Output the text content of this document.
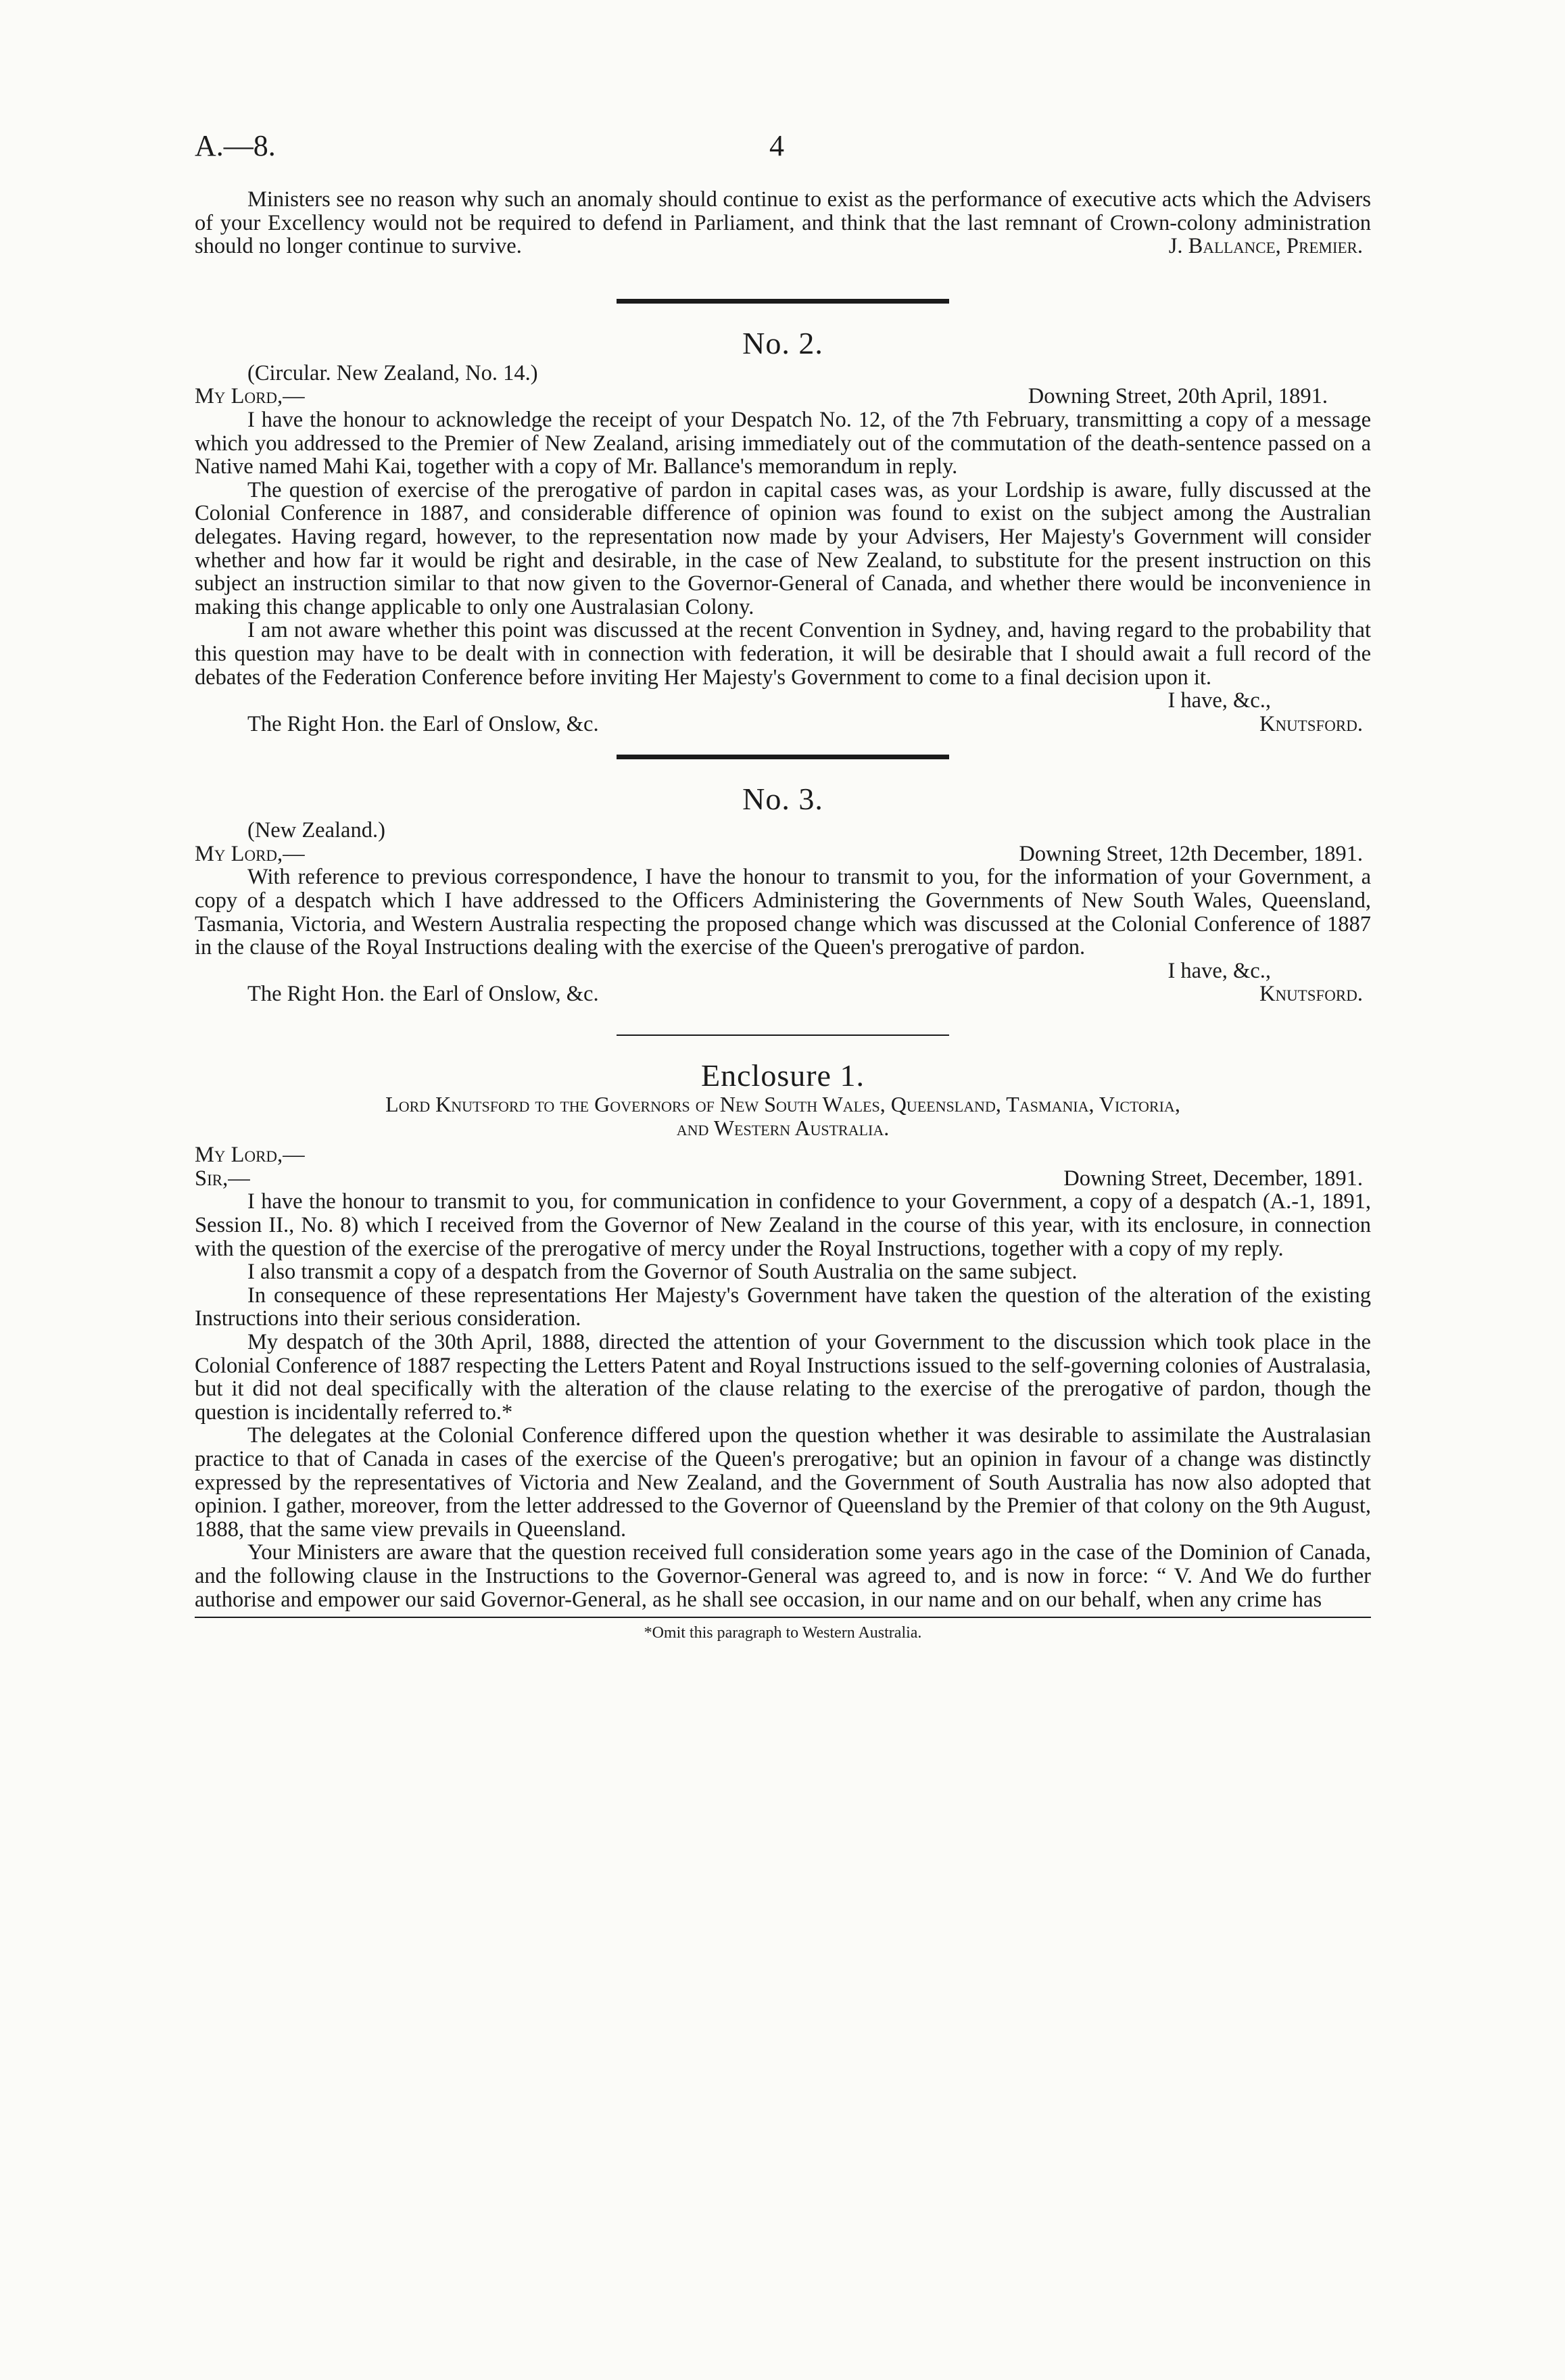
A.—8.	4

Ministers see no reason why such an anomaly should continue to exist as the performance of executive acts which the Advisers of your Excellency would not be required to defend in Parliament, and think that the last remnant of Crown-colony administration should no longer continue to survive.	J. Ballance, Premier.
No. 2.
(Circular. New Zealand, No. 14.)
My Lord,—	Downing Street, 20th April, 1891.

I have the honour to acknowledge the receipt of your Despatch No. 12, of the 7th February, transmitting a copy of a message which you addressed to the Premier of New Zealand, arising immediately out of the commutation of the death-sentence passed on a Native named Mahi Kai, together with a copy of Mr. Ballance's memorandum in reply.

The question of exercise of the prerogative of pardon in capital cases was, as your Lordship is aware, fully discussed at the Colonial Conference in 1887, and considerable difference of opinion was found to exist on the subject among the Australian delegates. Having regard, however, to the representation now made by your Advisers, Her Majesty's Government will consider whether and how far it would be right and desirable, in the case of New Zealand, to substitute for the present instruction on this subject an instruction similar to that now given to the Governor-General of Canada, and whether there would be inconvenience in making this change applicable to only one Australasian Colony.

I am not aware whether this point was discussed at the recent Convention in Sydney, and, having regard to the probability that this question may have to be dealt with in connection with federation, it will be desirable that I should await a full record of the debates of the Federation Conference before inviting Her Majesty's Government to come to a final decision upon it.

I have, &c.,
The Right Hon. the Earl of Onslow, &c.	Knutsford.
No. 3.
(New Zealand.)
My Lord,—	Downing Street, 12th December, 1891.

With reference to previous correspondence, I have the honour to transmit to you, for the information of your Government, a copy of a despatch which I have addressed to the Officers Administering the Governments of New South Wales, Queensland, Tasmania, Victoria, and Western Australia respecting the proposed change which was discussed at the Colonial Conference of 1887 in the clause of the Royal Instructions dealing with the exercise of the Queen's prerogative of pardon.

I have, &c.,
The Right Hon. the Earl of Onslow, &c.	Knutsford.
Enclosure 1.
Lord Knutsford to the Governors of New South Wales, Queensland, Tasmania, Victoria,
and Western Australia.
My Lord,—
Sir,—	Downing Street, December, 1891.

I have the honour to transmit to you, for communication in confidence to your Government, a copy of a despatch (A.-1, 1891, Session II., No. 8) which I received from the Governor of New Zealand in the course of this year, with its enclosure, in connection with the question of the exercise of the prerogative of mercy under the Royal Instructions, together with a copy of my reply.

I also transmit a copy of a despatch from the Governor of South Australia on the same subject.

In consequence of these representations Her Majesty's Government have taken the question of the alteration of the existing Instructions into their serious consideration.

My despatch of the 30th April, 1888, directed the attention of your Government to the discussion which took place in the Colonial Conference of 1887 respecting the Letters Patent and Royal Instructions issued to the self-governing colonies of Australasia, but it did not deal specifically with the alteration of the clause relating to the exercise of the prerogative of pardon, though the question is incidentally referred to.*

The delegates at the Colonial Conference differed upon the question whether it was desirable to assimilate the Australasian practice to that of Canada in cases of the exercise of the Queen's prerogative; but an opinion in favour of a change was distinctly expressed by the representatives of Victoria and New Zealand, and the Government of South Australia has now also adopted that opinion. I gather, moreover, from the letter addressed to the Governor of Queensland by the Premier of that colony on the 9th August, 1888, that the same view prevails in Queensland.

Your Ministers are aware that the question received full consideration some years ago in the case of the Dominion of Canada, and the following clause in the Instructions to the Governor-General was agreed to, and is now in force: “ V. And We do further authorise and empower our said Governor-General, as he shall see occasion, in our name and on our behalf, when any crime has

*Omit this paragraph to Western Australia.
